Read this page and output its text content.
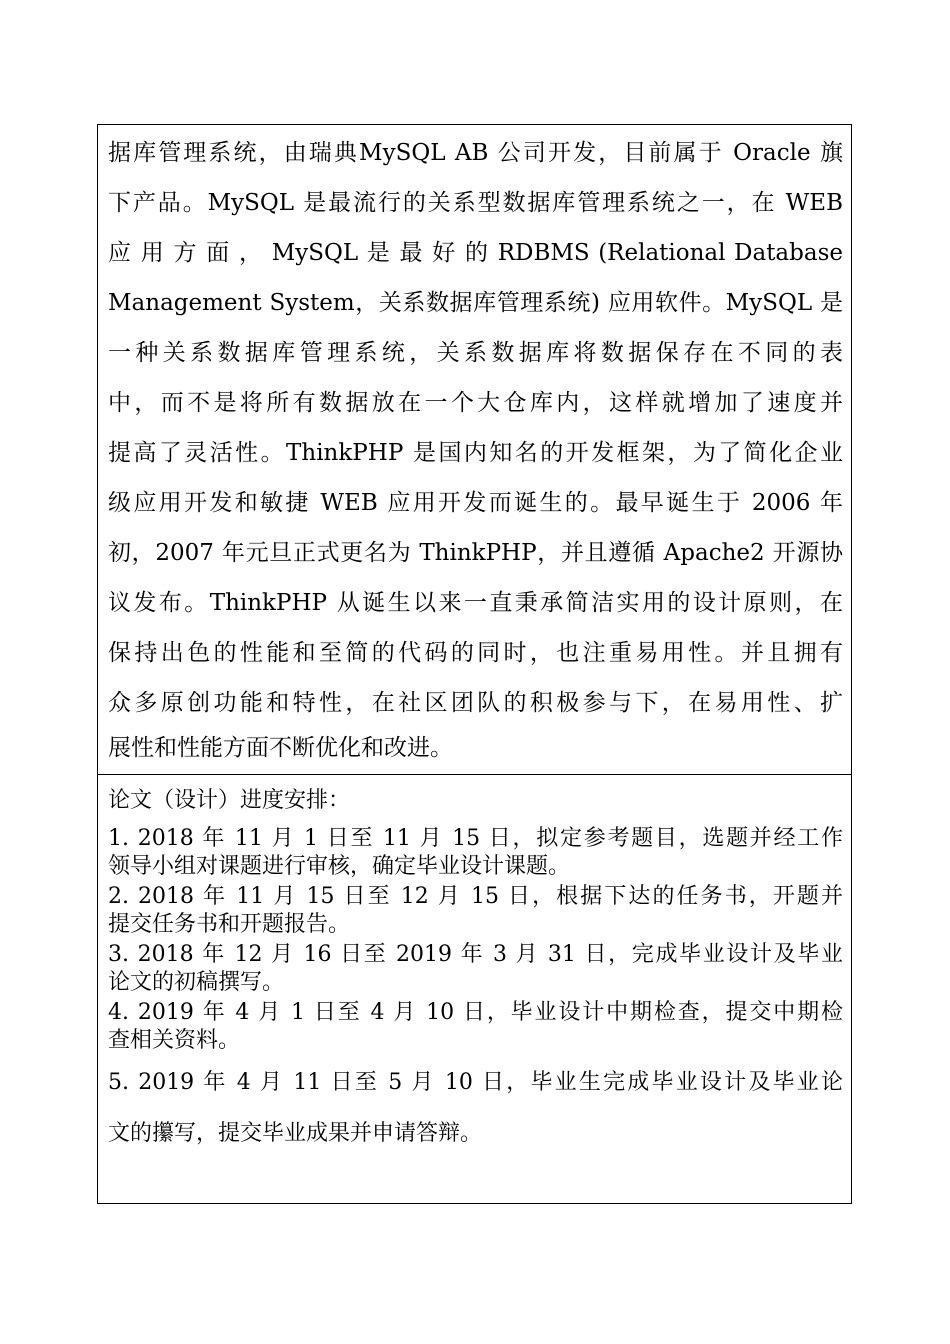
据库管理系统，由瑞典MySQL AB 公司开发，目前属于 Oracle 旗
下产品。MySQL 是最流行的关系型数据库管理系统之一，在 WEB
应 用 方 面 ， MySQL 是 最 好 的 RDBMS (Relational Database
Management System，关系数据库管理系统) 应用软件。MySQL 是
一种关系数据库管理系统，关系数据库将数据保存在不同的表
中，而不是将所有数据放在一个大仓库内，这样就增加了速度并
提高了灵活性。ThinkPHP 是国内知名的开发框架，为了简化企业
级应用开发和敏捷 WEB 应用开发而诞生的。最早诞生于 2006 年
初，2007 年元旦正式更名为 ThinkPHP，并且遵循 Apache2 开源协
议发布。ThinkPHP 从诞生以来一直秉承简洁实用的设计原则，在
保持出色的性能和至简的代码的同时，也注重易用性。并且拥有
众多原创功能和特性，在社区团队的积极参与下，在易用性、扩
展性和性能方面不断优化和改进。
论文（设计）进度安排：
1. 2018 年 11 月 1 日至 11 月 15 日，拟定参考题目，选题并经工作
领导小组对课题进行审核，确定毕业设计课题。
2. 2018 年 11 月 15 日至 12 月 15 日，根据下达的任务书，开题并
提交任务书和开题报告。
3. 2018 年 12 月 16 日至 2019 年 3 月 31 日，完成毕业设计及毕业
论文的初稿撰写。
4. 2019 年 4 月 1 日至 4 月 10 日，毕业设计中期检查，提交中期检
查相关资料。
5. 2019 年 4 月 11 日至 5 月 10 日，毕业生完成毕业设计及毕业论
文的攥写，提交毕业成果并申请答辩。
